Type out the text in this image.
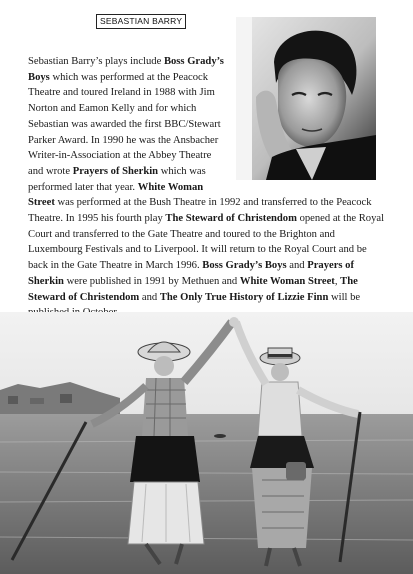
SEBASTIAN BARRY
Sebastian Barry’s plays include Boss Grady’s Boys which was performed at the Peacock Theatre and toured Ireland in 1988 with Jim Norton and Eamon Kelly and for which Sebastian was awarded the first BBC/Stewart Parker Award. In 1990 he was the Ansbacher Writer-in-Association at the Abbey Theatre and wrote Prayers of Sherkin which was performed later that year. White Woman Street was performed at the Bush Theatre in 1992 and transferred to the Peacock Theatre. In 1995 his fourth play The Steward of Christendom opened at the Royal Court and transferred to the Gate Theatre and toured to the Brighton and Luxembourg Festivals and to Liverpool. It will return to the Royal Court and be back in the Gate Theatre in March 1996. Boss Grady’s Boys and Prayers of Sherkin were published in 1991 by Methuen and White Woman Street, The Steward of Christendom and The Only True History of Lizzie Finn will be
